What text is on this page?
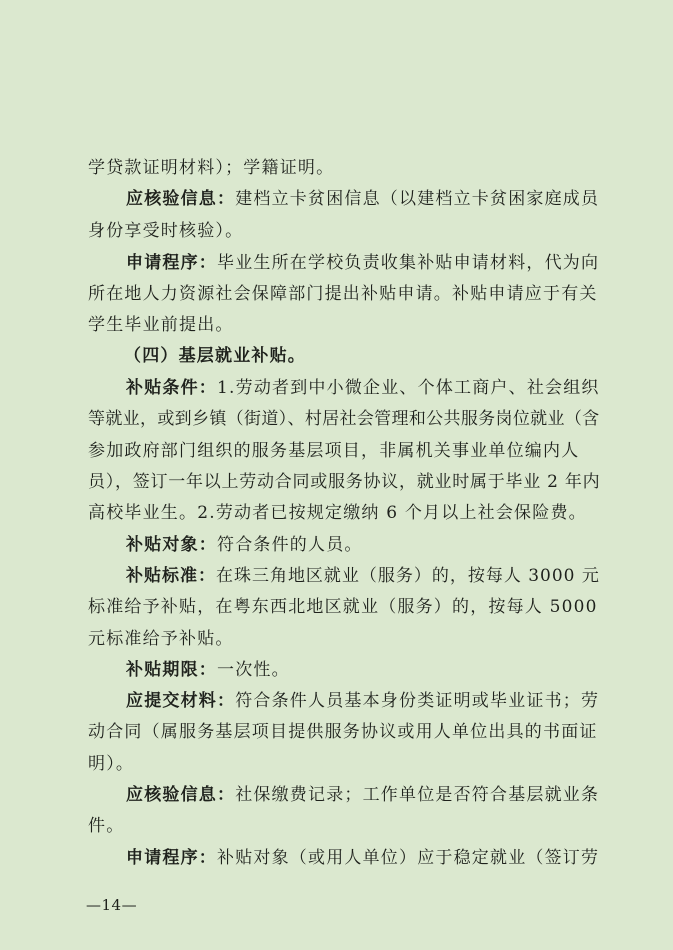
学贷款证明材料）；学籍证明。
应核验信息：建档立卡贫困信息（以建档立卡贫困家庭成员
身份享受时核验）。
申请程序：毕业生所在学校负责收集补贴申请材料，代为向
所在地人力资源社会保障部门提出补贴申请。补贴申请应于有关
学生毕业前提出。
（四）基层就业补贴。
补贴条件：1.劳动者到中小微企业、个体工商户、社会组织
等就业，或到乡镇（街道）、村居社会管理和公共服务岗位就业（含
参加政府部门组织的服务基层项目，非属机关事业单位编内人
员），签订一年以上劳动合同或服务协议，就业时属于毕业 2 年内
高校毕业生。2.劳动者已按规定缴纳 6 个月以上社会保险费。
补贴对象：符合条件的人员。
补贴标准：在珠三角地区就业（服务）的，按每人 3000 元
标准给予补贴，在粤东西北地区就业（服务）的，按每人 5000
元标准给予补贴。
补贴期限：一次性。
应提交材料：符合条件人员基本身份类证明或毕业证书；劳
动合同（属服务基层项目提供服务协议或用人单位出具的书面证
明）。
应核验信息：社保缴费记录；工作单位是否符合基层就业条
件。
申请程序：补贴对象（或用人单位）应于稳定就业（签订劳
—14—
